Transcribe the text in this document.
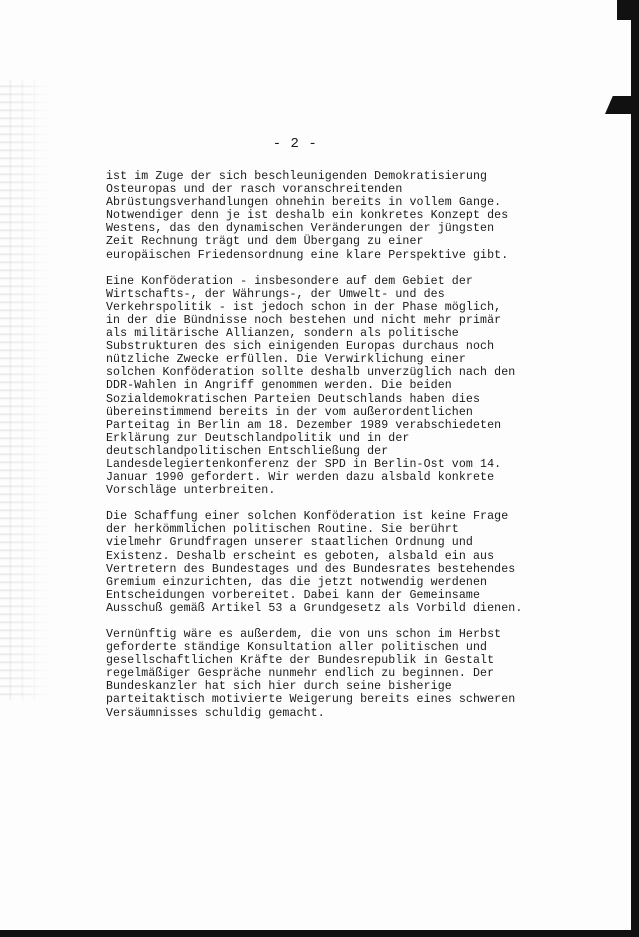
- 2 -
ist im Zuge der sich beschleunigenden Demokratisierung
Osteuropas und der rasch voranschreitenden
Abrüstungsverhandlungen ohnehin bereits in vollem Gange.
Notwendiger denn je ist deshalb ein konkretes Konzept des
Westens, das den dynamischen Veränderungen der jüngsten
Zeit Rechnung trägt und dem Übergang zu einer
europäischen Friedensordnung eine klare Perspektive gibt.
Eine Konföderation - insbesondere auf dem Gebiet der
Wirtschafts-, der Währungs-, der Umwelt- und des
Verkehrspolitik - ist jedoch schon in der Phase möglich,
in der die Bündnisse noch bestehen und nicht mehr primär
als militärische Allianzen, sondern als politische
Substrukturen des sich einigenden Europas durchaus noch
nützliche Zwecke erfüllen. Die Verwirklichung einer
solchen Konföderation sollte deshalb unverzüglich nach den
DDR-Wahlen in Angriff genommen werden. Die beiden
Sozialdemokratischen Parteien Deutschlands haben dies
übereinstimmend bereits in der vom außerordentlichen
Parteitag in Berlin am 18. Dezember 1989 verabschiedeten
Erklärung zur Deutschlandpolitik und in der
deutschlandpolitischen Entschließung der
Landesdelegiertenkonferenz der SPD in Berlin-Ost vom 14.
Januar 1990 gefordert. Wir werden dazu alsbald konkrete
Vorschläge unterbreiten.
Die Schaffung einer solchen Konföderation ist keine Frage
der herkömmlichen politischen Routine. Sie berührt
vielmehr Grundfragen unserer staatlichen Ordnung und
Existenz. Deshalb erscheint es geboten, alsbald ein aus
Vertretern des Bundestages und des Bundesrates bestehendes
Gremium einzurichten, das die jetzt notwendig werdenen
Entscheidungen vorbereitet. Dabei kann der Gemeinsame
Ausschuß gemäß Artikel 53 a Grundgesetz als Vorbild dienen.
Vernünftig wäre es außerdem, die von uns schon im Herbst
geforderte ständige Konsultation aller politischen und
gesellschaftlichen Kräfte der Bundesrepublik in Gestalt
regelmäßiger Gespräche nunmehr endlich zu beginnen. Der
Bundeskanzler hat sich hier durch seine bisherige
parteitaktisch motivierte Weigerung bereits eines schweren
Versäumnisses schuldig gemacht.
